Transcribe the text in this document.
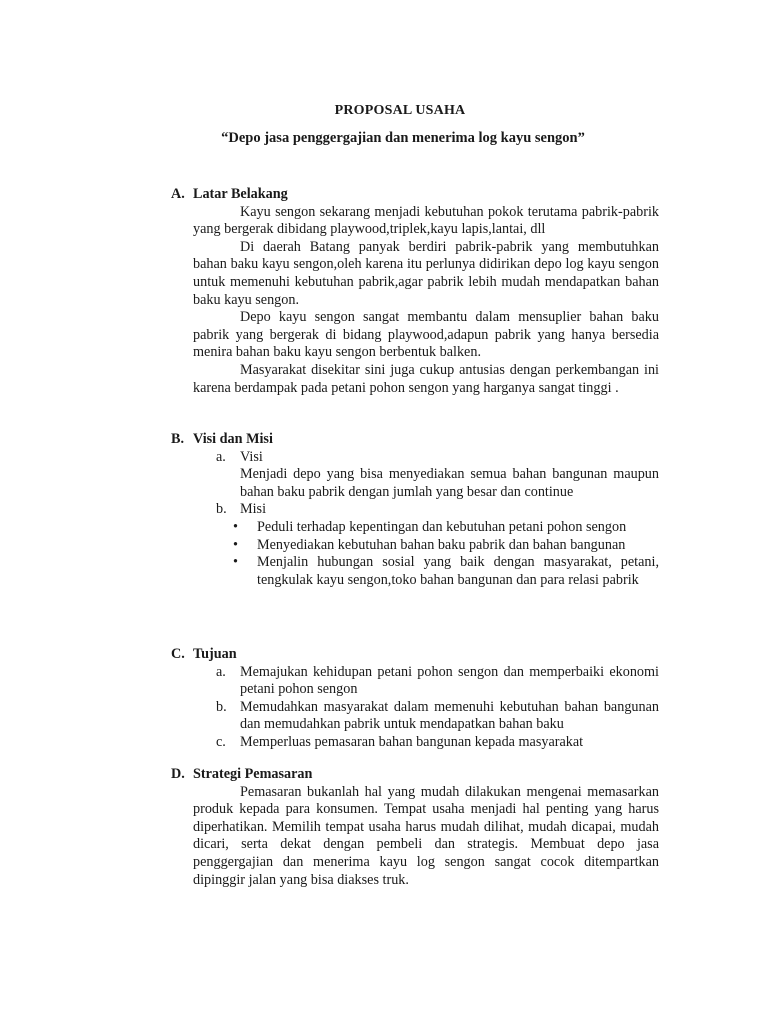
PROPOSAL USAHA
“Depo jasa penggergajian dan menerima log kayu sengon”
A. Latar Belakang
Kayu sengon sekarang menjadi kebutuhan pokok terutama pabrik-pabrik yang bergerak dibidang playwood,triplek,kayu lapis,lantai, dll
Di daerah Batang panyak berdiri pabrik-pabrik yang membutuhkan bahan baku kayu sengon,oleh karena itu perlunya didirikan depo log kayu sengon untuk memenuhi kebutuhan pabrik,agar pabrik lebih mudah mendapatkan bahan baku kayu sengon.
Depo kayu sengon sangat membantu dalam mensuplier bahan baku pabrik yang bergerak di bidang playwood,adapun pabrik yang hanya bersedia menira bahan baku kayu sengon berbentuk balken.
Masyarakat disekitar sini juga cukup antusias dengan perkembangan ini karena berdampak pada petani pohon sengon yang harganya sangat tinggi .
B. Visi dan Misi
a. Visi
Menjadi depo yang bisa menyediakan semua bahan bangunan maupun bahan baku pabrik dengan jumlah yang besar dan continue
b. Misi
•	Peduli terhadap kepentingan dan kebutuhan petani pohon sengon
•	Menyediakan kebutuhan bahan baku pabrik dan bahan bangunan
•	Menjalin hubungan sosial yang baik dengan masyarakat, petani, tengkulak kayu sengon,toko bahan bangunan dan para relasi pabrik
C. Tujuan
a. Memajukan kehidupan petani pohon sengon dan memperbaiki ekonomi petani pohon sengon
b. Memudahkan masyarakat dalam memenuhi kebutuhan bahan bangunan dan memudahkan pabrik untuk mendapatkan bahan baku
c. Memperluas pemasaran bahan bangunan kepada masyarakat
D. Strategi Pemasaran
Pemasaran bukanlah hal yang mudah dilakukan mengenai memasarkan produk kepada para konsumen. Tempat usaha menjadi hal penting yang harus diperhatikan. Memilih tempat usaha harus mudah dilihat, mudah dicapai, mudah dicari, serta dekat dengan pembeli dan strategis. Membuat depo jasa penggergajian dan menerima kayu log sengon sangat cocok ditempartkan dipinggir jalan yang bisa diakses truk.
